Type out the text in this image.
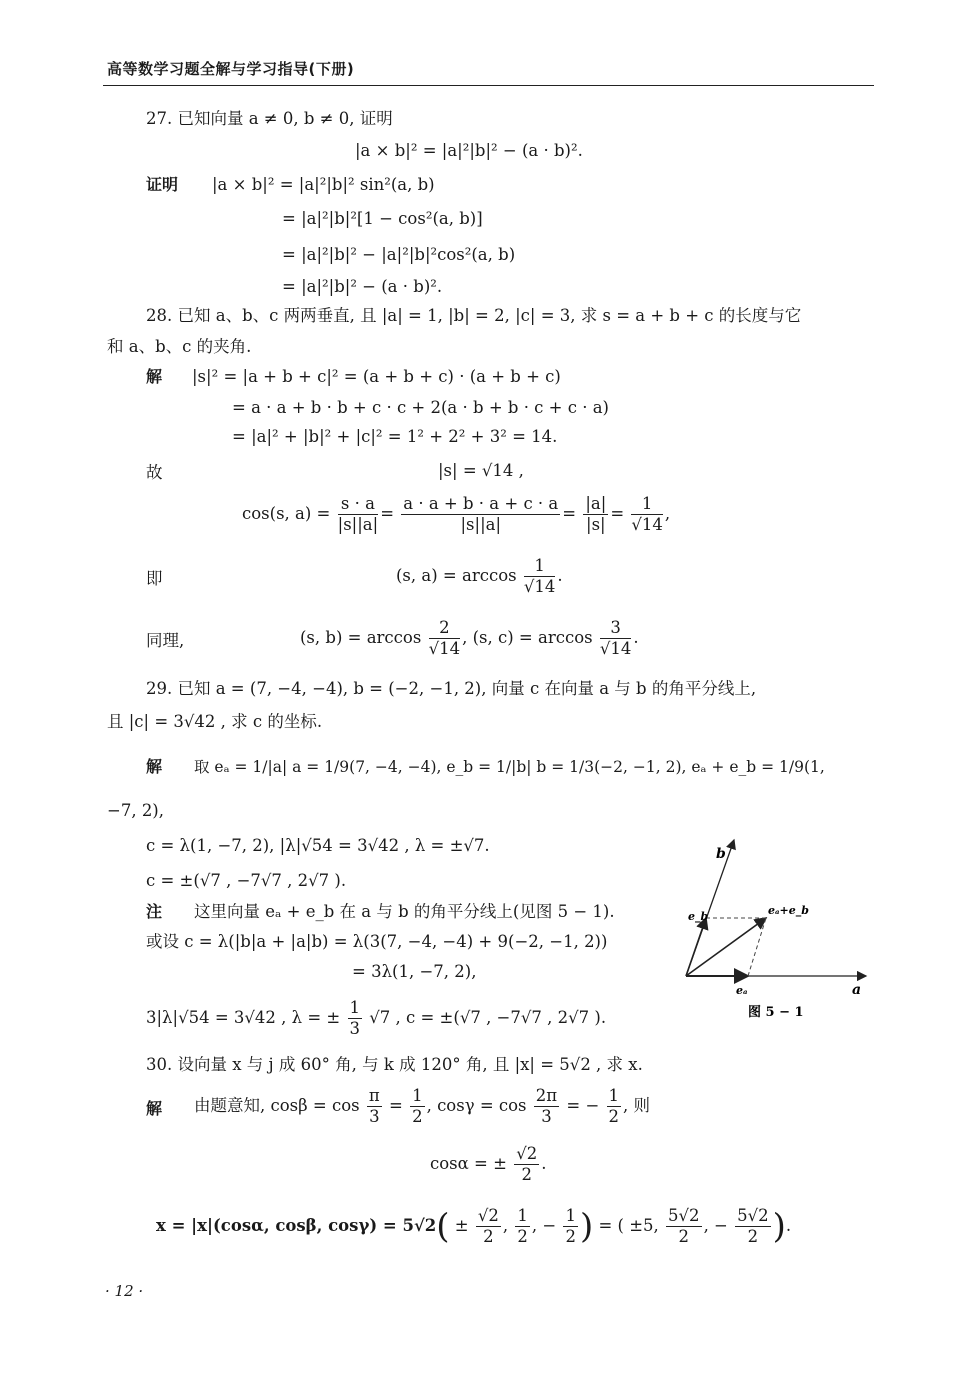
高等数学习题全解与学习指导(下册)
27. 已知向量 a ≠ 0, b ≠ 0, 证明
|a × b|² = |a|²|b|² − (a · b)².
证明 |a × b|² = |a|²|b|² sin²(a, b)
= |a|²|b|²[1 − cos²(a, b)]
= |a|²|b|² − |a|²|b|²cos²(a, b)
= |a|²|b|² − (a · b)².
28. 已知 a、b、c 两两垂直, 且 |a| = 1, |b| = 2, |c| = 3, 求 s = a + b + c 的长度与它
和 a、b、c 的夹角.
解 |s|² = |a + b + c|² = (a + b + c) · (a + b + c)
= a · a + b · b + c · c + 2(a · b + b · c + c · a)
= |a|² + |b|² + |c|² = 1² + 2² + 3² = 14.
故	|s| = √14 ,
cos(s, $a) = \frac{s \cdot a}{|s||a|} = \frac{a \cdot a + b \cdot a + c \cdot a}{|s||a|} = \frac{|a|}{|s|} = \frac{1}{√14}$ ,
即	(s, $a) = \arccos \frac{1}{√14}$ .
同理,	(s, $b) = \arccos \frac{2}{√14}$ , (s, $c) = \arccos \frac{3}{√14}$ .
29. 已知 a = (7, −4, −4), b = (−2, −1, 2), 向量 c 在向量 a 与 b 的角平分线上,
且 |c| = 3√42 , 求 c 的坐标.
解 取 eₐ = 1/|a| a = 1/9(7, −4, −4), e_b = 1/|b| b = 1/3(−2, −1, 2), eₐ + e_b = 1/9(1,
−7, 2),
c = λ(1, −7, 2), |λ|√54 = 3√42 , λ = ±√7.
c = ±(√7 , −7√7 , 2√7 ).
注 这里向量 eₐ + e_b 在 a 与 b 的角平分线上(见图 5 − 1).
或设 c = λ(|b|a + |a|b) = λ(3(7, −4, −4) + 9(−2, −1, 2))
= 3λ(1, −7, 2),
3|λ|√54 = 3√42 , λ = ± $\frac{1}{3} √7$ , c = ±(√7 , −7√7 , 2√7 ).
b
e_b	eₐ+e_b
eₐ	a
图 5 − 1
30. 设向量 x 与 j 成 60° 角, 与 k 成 120° 角, 且 |x| = 5√2 , 求 x.
解 由题意知, $\cos\beta = \cos \frac{\pi}{3} = \frac{1}{2}$ , $\cos\gamma = \cos \frac{2\pi}{3}$ = − $\frac{1}{2}$ , 则
cosα = ± $\frac{√2}{2}$ .
x = |x|(cosα, cosβ, $\cos\gamma) = 5√2( \pm \frac{√2}{2}$ , $\frac{1}{2}$ , − $\frac{1}{2}$ ) = ( ±5, $\frac{5√2}{2}$ , − $\frac{5√2}{2}$ ).
· 12 ·
